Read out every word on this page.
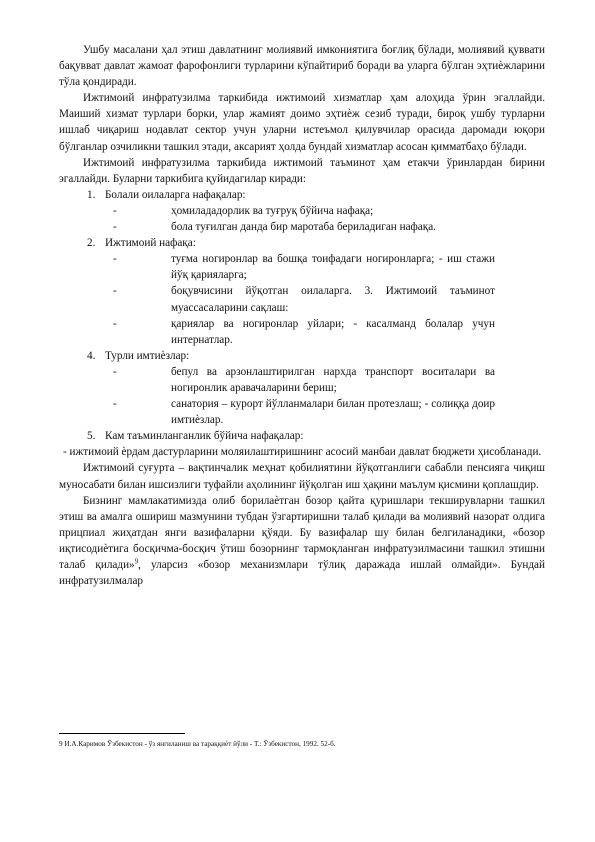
Ушбу масалани ҳал этиш давлатнинг молиявий имкониятига боғлиқ бўлади, молиявий қуввати бақувват давлат жамоат фарофонлиги турларини кўпайтириб боради ва уларга бўлган эҳтиѐжларини тўла қондиради.

Ижтимоий инфратузилма таркибида ижтимоий хизматлар ҳам алоҳида ўрин эгаллайди. Маиший хизмат турлари борки, улар жамият доимо эҳтиѐж сезиб туради, бироқ ушбу турларни ишлаб чиқариш нодавлат сектор учун уларни истеъмол қилувчилар орасида даромади юқори бўлганлар озчиликни ташкил этади, аксарият ҳолда бундай хизматлар асосан қимматбаҳо бўлади.

Ижтимоий инфратузилма таркибида ижтимоий таъминот ҳам етакчи ўринлардан бирини эгаллайди. Буларни таркибига қуйидагилар киради:

1. Болали оилаларга нафақалар:
-	ҳомилададорлик ва туғруқ бўйича нафақа;
-	бола туғилган данда бир маротаба бериладиган нафақа.
2. Ижтимоий нафақа:
-	туғма ногиронлар ва бошқа тоифадаги ногиронларга; - иш стажи йўқ қарияларга;
-	боқувчисини йўқотган оилаларга. 3. Ижтимоий таъминот муассасаларини сақлаш:
-	қариялар ва ногиронлар уйлари; - касалманд болалар учун интернатлар.
4. Турли имтиѐзлар:
-	бепул ва арзонлаштирилган нархда транспорт воситалари ва ногиронлик аравачаларини бериш;
-	санатория – курорт йўлланмалари билан протезлаш; - солиққа доир имтиѐзлар.
5. Кам таъминланганлик бўйича нафақалар:

- ижтимоий ѐрдам дастурларини моляилаштиришнинг асосий манбаи давлат бюджети ҳисобланади.

Ижтимоий суғурта – вақтинчалик меҳнат қобилиятини йўқотганлиги сабабли пенсияга чиқиш муносабати билан ишсизлиги туфайли аҳолининг йўқолган иш ҳақини маълум қисмини қоплашдир.

Бизнинг мамлакатимизда олиб борилаѐтган бозор қайта қуришлари текширувларни ташкил этиш ва амалга ошириш мазмунини тубдан ўзгартиришни талаб қилади ва молиявий назорат олдига прицпиал жиҳатдан янги вазифаларни қўяди. Бу вазифалар шу билан белгиланадики, «бозор иқтисодиѐтига босқичма-босқич ўтиш бозорнинг тармоқланган инфратузилмасини ташкил этишни талаб қилади»$^9$, уларсиз «бозор механизмлари тўлиқ даражада ишлай олмайди». Бундай инфратузилмалар

9 И.А.Каримов Ўзбекистон - ўз янгиланиш ва тараққиѐт йўли - Т.: Ўзбекистон, 1992. 52-б.
